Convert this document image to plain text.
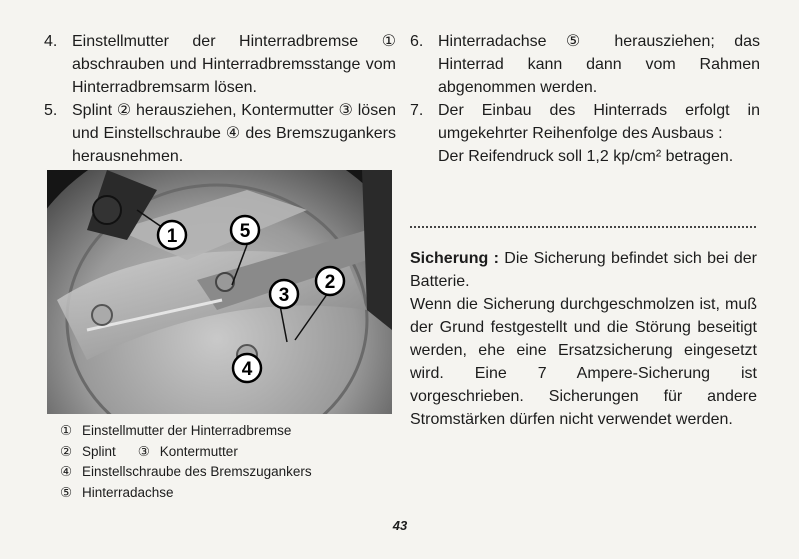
4. Einstellmutter der Hinterradbremse ① abschrauben und Hinterradbremsstange vom Hinterradbremsarm lösen.
5. Splint ② herausziehen, Kontermutter ③ lösen und Einstellschraube ④ des Bremszugankers herausnehmen.
1	5
2
3
4
① Einstellmutter der Hinterradbremse
② Splint ③ Kontermutter
④ Einstellschraube des Bremszugankers
⑤ Hinterradachse
6. Hinterradachse ⑤ herausziehen; das Hinterrad kann dann vom Rahmen abgenommen werden.
7. Der Einbau des Hinterrads erfolgt in umgekehrter Reihenfolge des Ausbaus :
Der Reifendruck soll 1,2 kp/cm² betragen.

Sicherung : Die Sicherung befindet sich bei der Batterie.

Wenn die Sicherung durchgeschmolzen ist, muß der Grund festgestellt und die Störung beseitigt werden, ehe eine Ersatzsicherung eingesetzt wird. Eine 7 Ampere-Sicherung ist vorgeschrieben. Sicherungen für andere Stromstärken dürfen nicht verwendet werden.

43
